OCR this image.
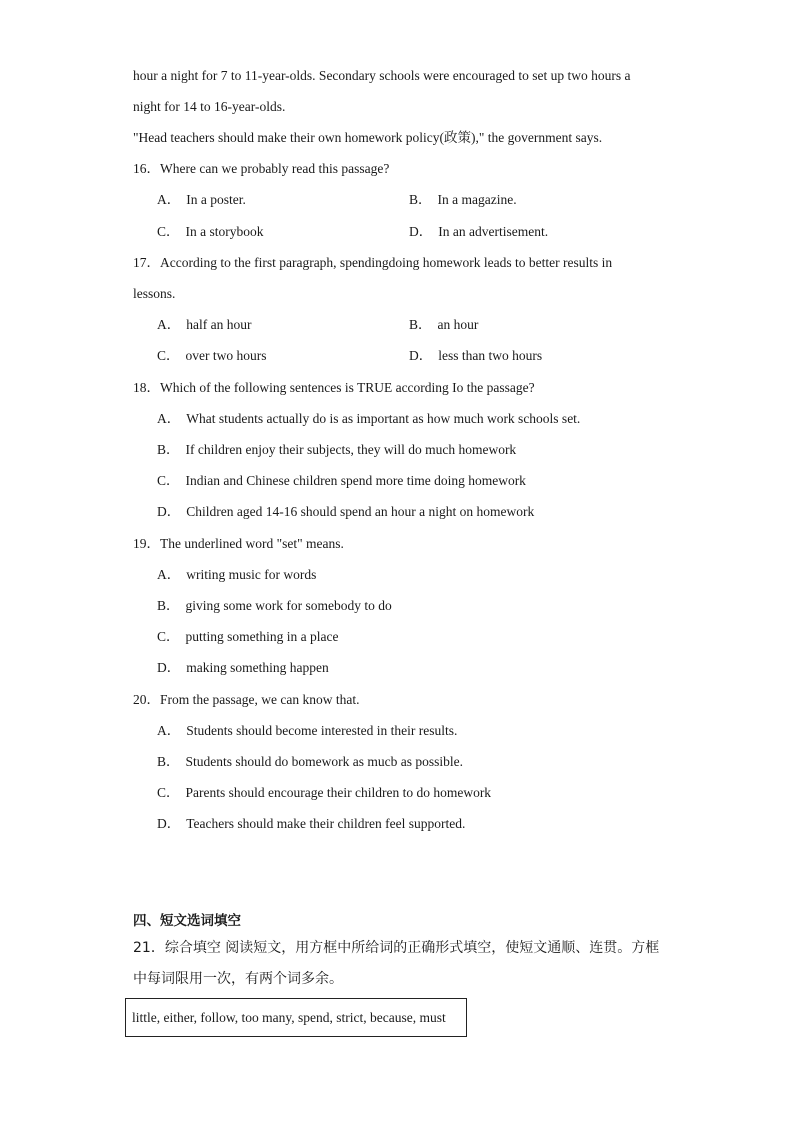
hour a night for 7 to 11-year-olds. Secondary schools were encouraged to set up two hours a
night for 14 to 16-year-olds.
"Head teachers should make their own homework policy(政策)," the government says.
16．Where can we probably read this passage?
A． In a poster.	B． In a magazine.
C． In a storybook	D． In an advertisement.
17．According to the first paragraph, spendingdoing homework leads to better results in
lessons.
A． half an hour	B． an hour
C． over two hours	D． less than two hours
18．Which of the following sentences is TRUE according Io the passage?
A． What students actually do is as important as how much work schools set.
B． If children enjoy their subjects, they will do much homework
C． Indian and Chinese children spend more time doing homework
D． Children aged 14-16 should spend an hour a night on homework
19．The underlined word "set" means.
A． writing music for words
B． giving some work for somebody to do
C． putting something in a place
D． making something happen
20．From the passage, we can know that.
A． Students should become interested in their results.
B． Students should do bomework as mucb as possible.
C． Parents should encourage their children to do homework
D． Teachers should make their children feel supported.
四、短文选词填空
21．综合填空 阅读短文，用方框中所给词的正确形式填空，使短文通顺、连贯。方框
中每词限用一次，有两个词多余。
little, either, follow, too many, spend, strict, because, must
